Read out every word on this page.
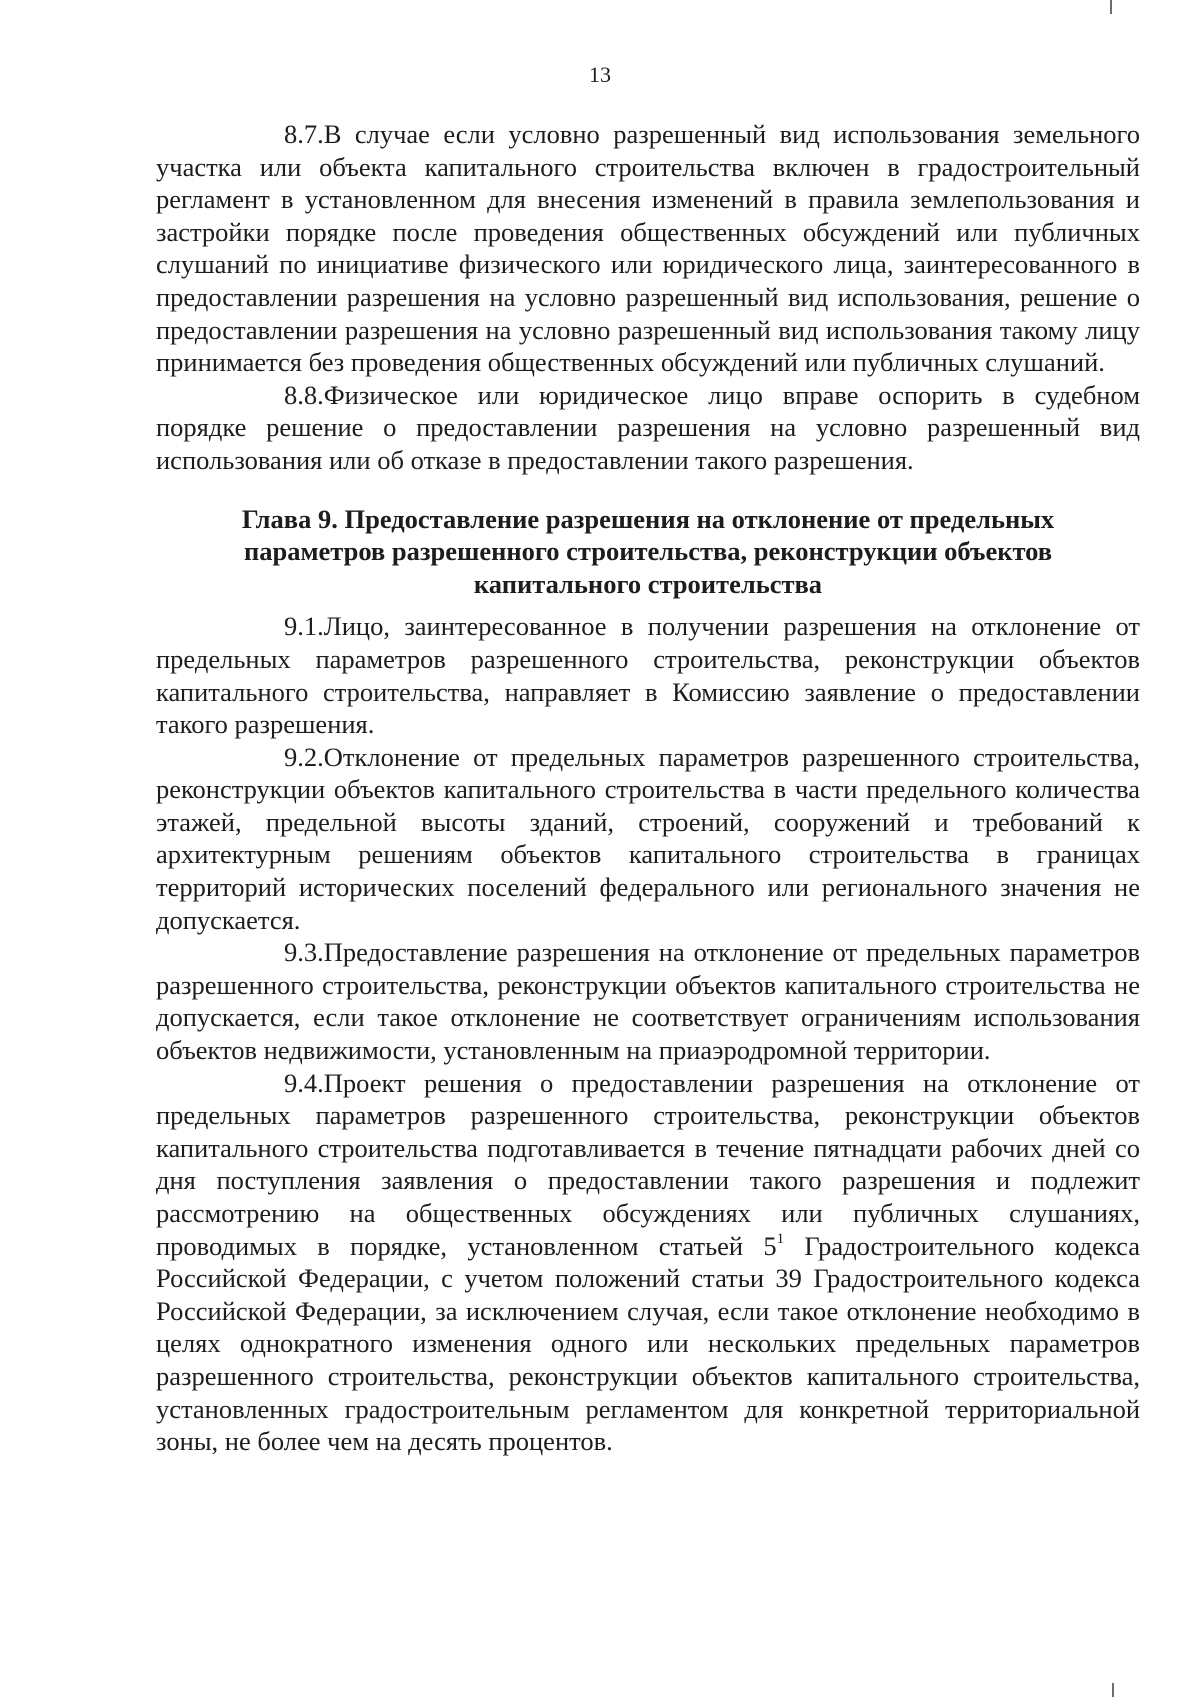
13

8.7.В случае если условно разрешенный вид использования земельного участка или объекта капитального строительства включен в градостроительный регламент в установленном для внесения изменений в правила землепользования и застройки порядке после проведения общественных обсуждений или публичных слушаний по инициативе физического или юридического лица, заинтересованного в предоставлении разрешения на условно разрешенный вид использования, решение о предоставлении разрешения на условно разрешенный вид использования такому лицу принимается без проведения общественных обсуждений или публичных слушаний.

8.8.Физическое или юридическое лицо вправе оспорить в судебном порядке решение о предоставлении разрешения на условно разрешенный вид использования или об отказе в предоставлении такого разрешения.

Глава 9. Предоставление разрешения на отклонение от предельных
параметров разрешенного строительства, реконструкции объектов
капитального строительства

9.1.Лицо, заинтересованное в получении разрешения на отклонение от предельных параметров разрешенного строительства, реконструкции объектов капитального строительства, направляет в Комиссию заявление о предоставлении такого разрешения.

9.2.Отклонение от предельных параметров разрешенного строительства, реконструкции объектов капитального строительства в части предельного количества этажей, предельной высоты зданий, строений, сооружений и требований к архитектурным решениям объектов капитального строительства в границах территорий исторических поселений федерального или регионального значения не допускается.

9.3.Предоставление разрешения на отклонение от предельных параметров разрешенного строительства, реконструкции объектов капитального строительства не допускается, если такое отклонение не соответствует ограничениям использования объектов недвижимости, установленным на приаэродромной территории.

9.4.Проект решения о предоставлении разрешения на отклонение от предельных параметров разрешенного строительства, реконструкции объектов капитального строительства подготавливается в течение пятнадцати рабочих дней со дня поступления заявления о предоставлении такого разрешения и подлежит рассмотрению на общественных обсуждениях или публичных слушаниях, проводимых в порядке, установленном статьей $5^1$ Градостроительного кодекса Российской Федерации, с учетом положений статьи 39 Градостроительного кодекса Российской Федерации, за исключением случая, если такое отклонение необходимо в целях однократного изменения одного или нескольких предельных параметров разрешенного строительства, реконструкции объектов капитального строительства, установленных градостроительным регламентом для конкретной территориальной зоны, не более чем на десять процентов.
